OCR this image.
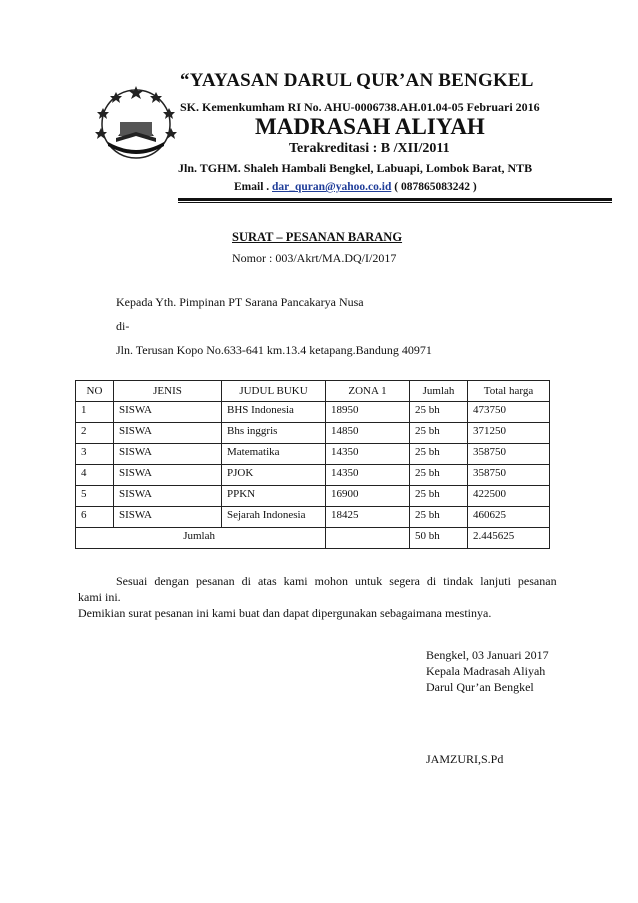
“YAYASAN DARUL QUR’AN BENGKEL
SK. Kemenkumham RI No. AHU-0006738.AH.01.04-05 Februari 2016
MADRASAH ALIYAH
Terakreditasi : B /XII/2011
Jln. TGHM. Shaleh Hambali Bengkel, Labuapi, Lombok Barat, NTB
Email . dar_quran@yahoo.co.id ( 087865083242 )
SURAT – PESANAN BARANG
Nomor : 003/Akrt/MA.DQ/I/2017
Kepada Yth. Pimpinan PT Sarana Pancakarya Nusa
di-
Jln. Terusan Kopo No.633-641 km.13.4 ketapang.Bandung 40971
NO	JENIS	JUDUL BUKU	ZONA 1	Jumlah	Total harga
1	SISWA	BHS Indonesia	18950	25 bh	473750
2	SISWA	Bhs inggris	14850	25 bh	371250
3	SISWA	Matematika	14350	25 bh	358750
4	SISWA	PJOK	14350	25 bh	358750
5	SISWA	PPKN	16900	25 bh	422500
6	SISWA	Sejarah Indonesia	18425	25 bh	460625
Jumlah				50 bh	2.445625
Sesuai dengan pesanan di atas kami mohon untuk segera di tindak lanjuti pesanan
kami ini.
Demikian surat pesanan ini kami buat dan dapat dipergunakan sebagaimana mestinya.
Bengkel, 03 Januari 2017
Kepala Madrasah Aliyah
Darul Qur’an Bengkel
JAMZURI,S.Pd
